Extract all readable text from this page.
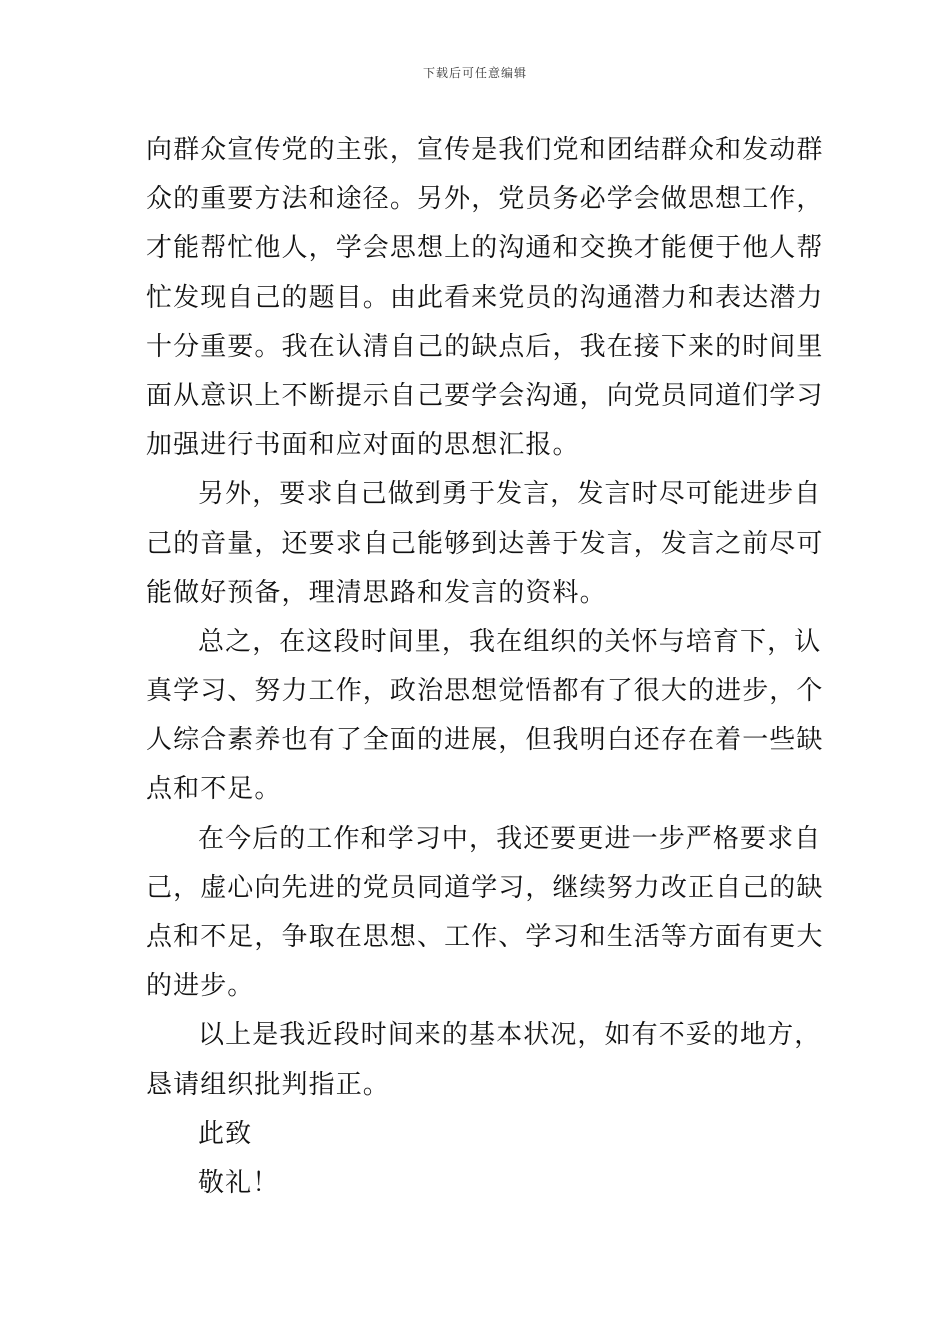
下载后可任意编辑
向群众宣传党的主张，宣传是我们党和团结群众和发动群
众的重要方法和途径。另外，党员务必学会做思想工作，
才能帮忙他人，学会思想上的沟通和交换才能便于他人帮
忙发现自己的题目。由此看来党员的沟通潜力和表达潜力
十分重要。我在认清自己的缺点后，我在接下来的时间里
面从意识上不断提示自己要学会沟通，向党员同道们学习
加强进行书面和应对面的思想汇报。
另外，要求自己做到勇于发言，发言时尽可能进步自
己的音量，还要求自己能够到达善于发言，发言之前尽可
能做好预备，理清思路和发言的资料。
总之，在这段时间里，我在组织的关怀与培育下，认
真学习、努力工作，政治思想觉悟都有了很大的进步，个
人综合素养也有了全面的进展，但我明白还存在着一些缺
点和不足。
在今后的工作和学习中，我还要更进一步严格要求自
己，虚心向先进的党员同道学习，继续努力改正自己的缺
点和不足，争取在思想、工作、学习和生活等方面有更大
的进步。
以上是我近段时间来的基本状况，如有不妥的地方，
恳请组织批判指正。
此致
敬礼！
